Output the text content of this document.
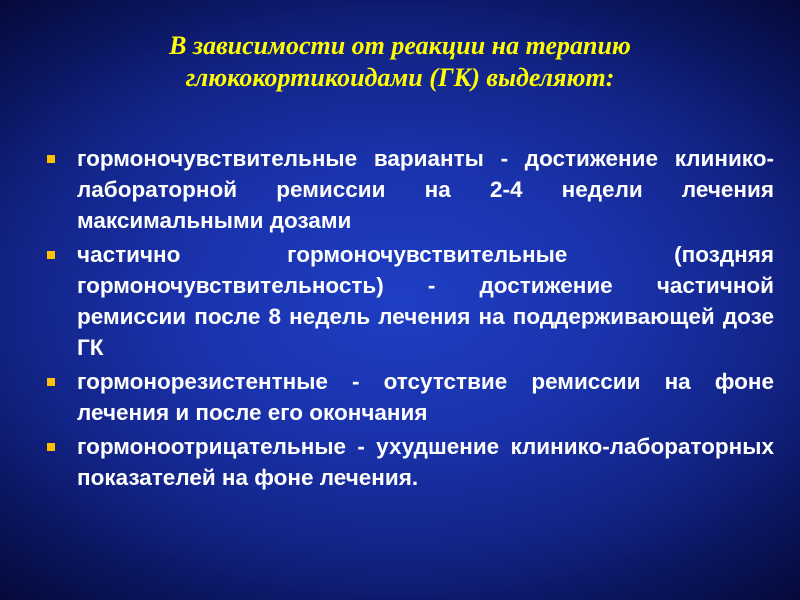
В зависимости от реакции на терапию
глюкокортикоидами (ГК) выделяют:
гормоночувствительные варианты - достижение клинико-лабораторной ремиссии на 2-4 недели лечения максимальными дозами
частично гормоночувствительные (поздняя гормоночувствительность) - достижение частичной ремиссии после 8 недель лечения на поддерживающей дозе ГК
гормонорезистентные - отсутствие ремиссии на фоне лечения и после его окончания
гормоноотрицательные - ухудшение клинико-лабораторных показателей на фоне лечения.
